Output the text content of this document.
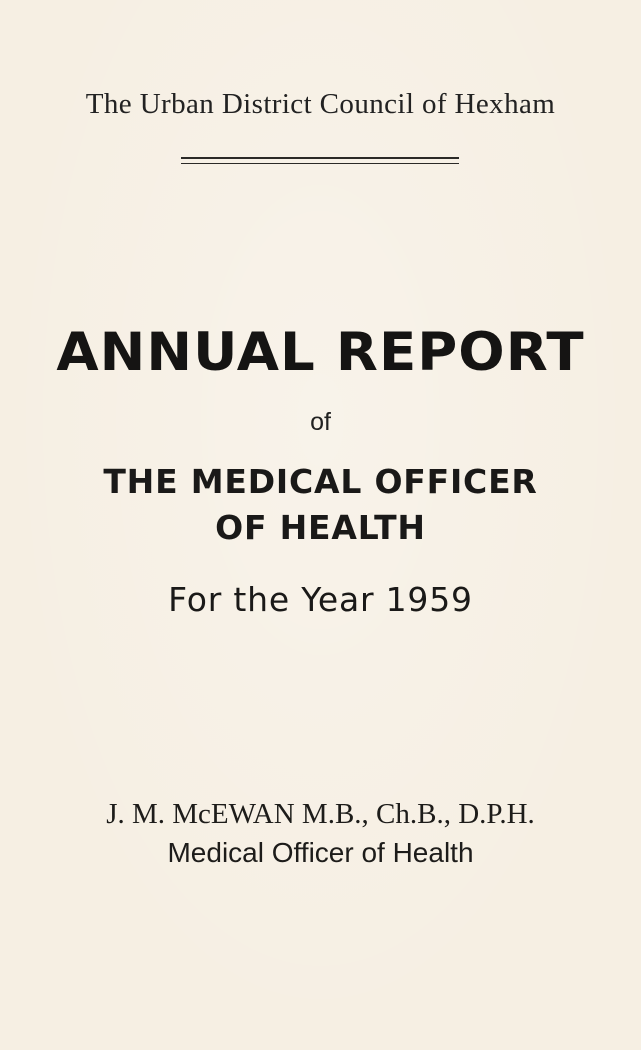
The Urban District Council of Hexham
ANNUAL REPORT
of
THE MEDICAL OFFICER
OF HEALTH
For the Year 1959
J. M. McEWAN M.B., Ch.B., D.P.H.
Medical Officer of Health
